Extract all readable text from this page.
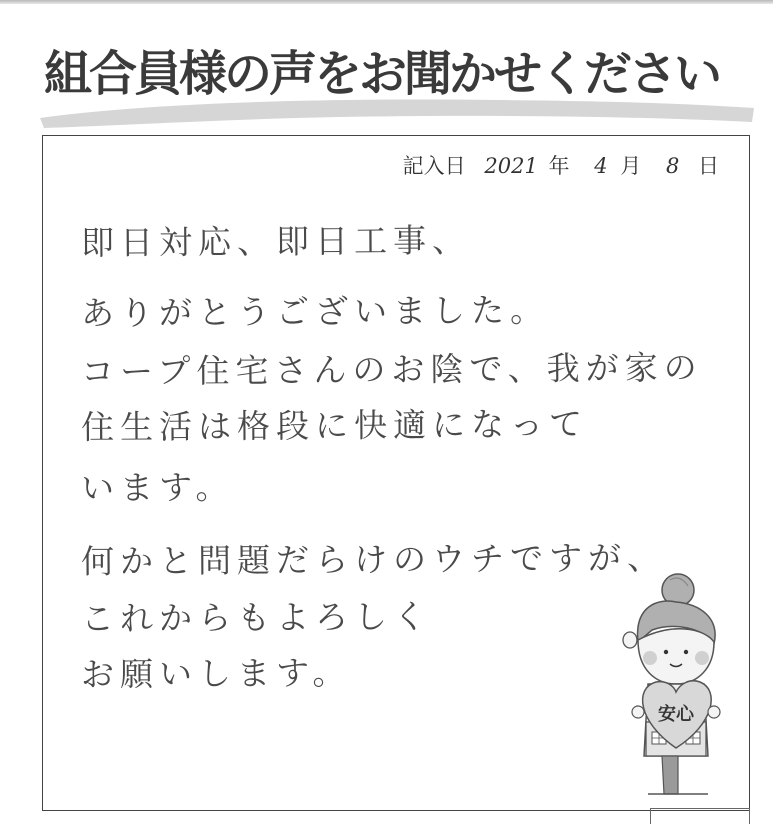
組合員様の声をお聞かせください
記入日 2021 年 4 月 8 日
即日対応、即日工事、
ありがとうございました。
コープ住宅さんのお陰で、我が家の
住生活は格段に快適になって
います。
何かと問題だらけのウチですが、
これからもよろしく
お願いします。
安心
